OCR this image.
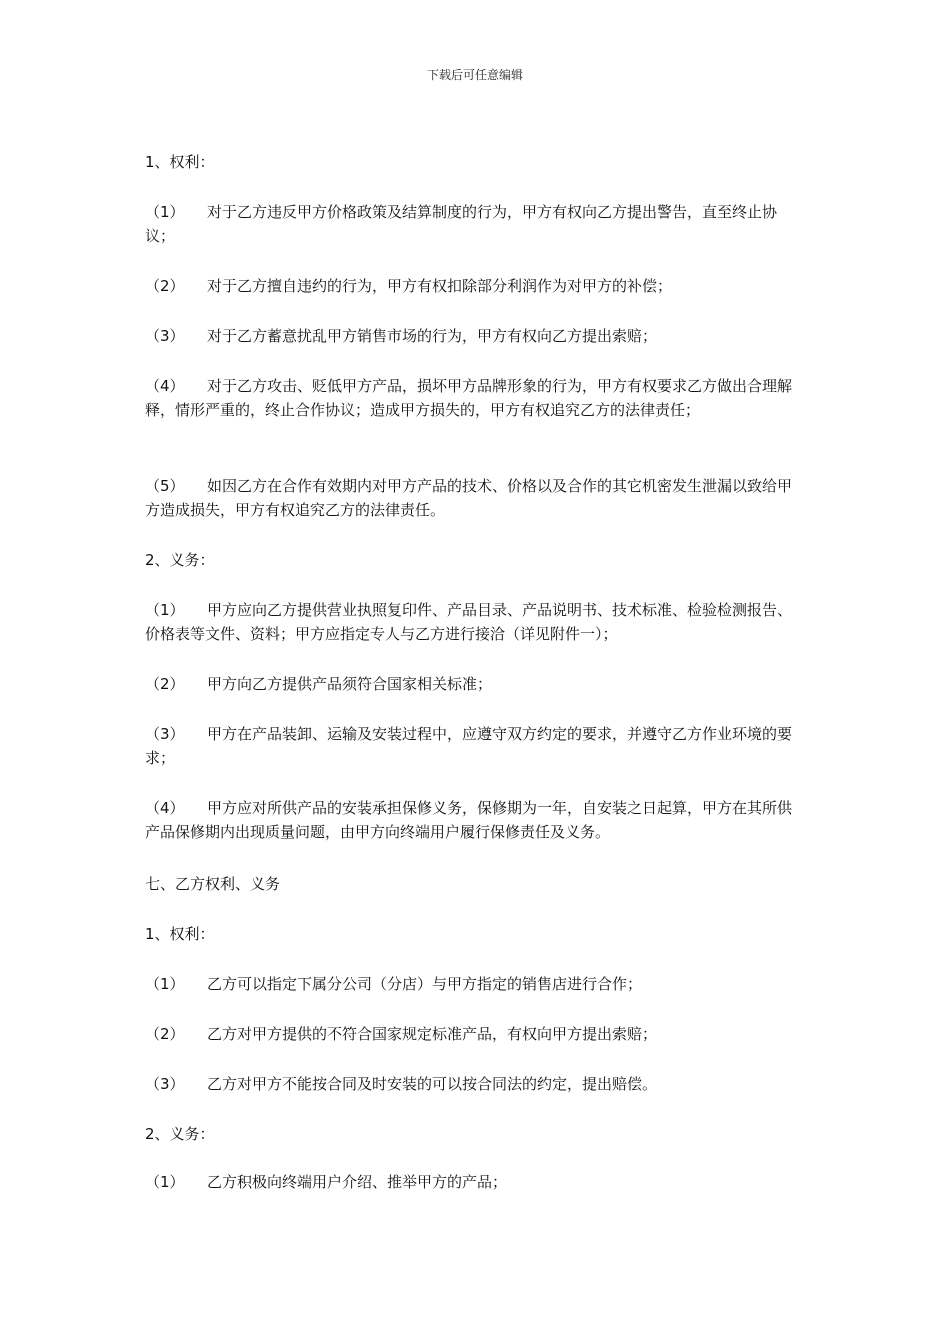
下载后可任意编辑
1、权利：
（1） 对于乙方违反甲方价格政策及结算制度的行为，甲方有权向乙方提出警告，直至终止协议；
（2） 对于乙方擅自违约的行为，甲方有权扣除部分利润作为对甲方的补偿；
（3） 对于乙方蓄意扰乱甲方销售市场的行为，甲方有权向乙方提出索赔；
（4） 对于乙方攻击、贬低甲方产品，损坏甲方品牌形象的行为，甲方有权要求乙方做出合理解释，情形严重的，终止合作协议；造成甲方损失的，甲方有权追究乙方的法律责任；
（5） 如因乙方在合作有效期内对甲方产品的技术、价格以及合作的其它机密发生泄漏以致给甲方造成损失，甲方有权追究乙方的法律责任。
2、义务：
（1） 甲方应向乙方提供营业执照复印件、产品目录、产品说明书、技术标准、检验检测报告、价格表等文件、资料；甲方应指定专人与乙方进行接洽（详见附件一）；
（2） 甲方向乙方提供产品须符合国家相关标准；
（3） 甲方在产品装卸、运输及安装过程中，应遵守双方约定的要求，并遵守乙方作业环境的要求；
（4） 甲方应对所供产品的安装承担保修义务，保修期为一年，自安装之日起算，甲方在其所供产品保修期内出现质量问题，由甲方向终端用户履行保修责任及义务。
七、乙方权利、义务
1、权利：
（1） 乙方可以指定下属分公司（分店）与甲方指定的销售店进行合作；
（2） 乙方对甲方提供的不符合国家规定标准产品，有权向甲方提出索赔；
（3） 乙方对甲方不能按合同及时安装的可以按合同法的约定，提出赔偿。
2、义务：
（1） 乙方积极向终端用户介绍、推举甲方的产品；
